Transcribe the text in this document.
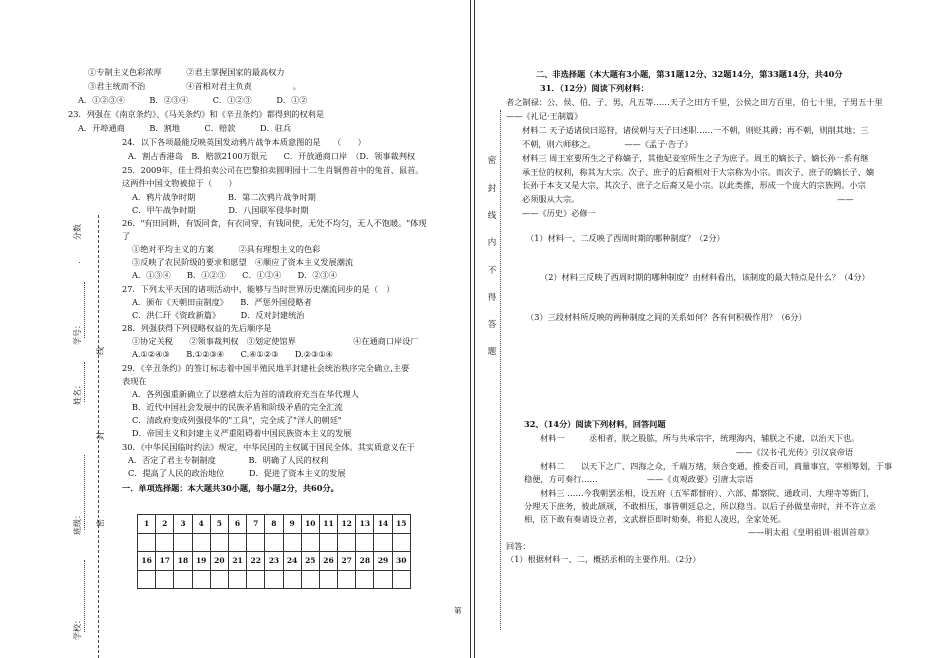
分数
学号：
线
姓名：
封
班级： 密
学校：
①专制主义色彩浓厚　　　②君主掌握国家的最高权力
③君主统而不治　　　　　④首相对君主负责　　　　　。
A．①②③④　　　B．②③④　　　C．①②③　　　D．①②
23．列强在《南京条约》、《马关条约》和《辛丑条约》都得到的权利是
A．开埠通商　　　B．割地　　　C．赔款　　　D．驻兵
24．以下各项最能反映英国发动鸦片战争本质意图的是　　（　　）
A．割占香港岛　B．赔款2100万银元　　C．开放通商口岸　（D．领事裁判权
25．2009年，佳士得拍卖公司在巴黎拍卖圆明园十二生肖铜兽首中的兔首、鼠首。
这两件中国文物被掠于（　　）
A．鸦片战争时期　　　　B．第二次鸦片战争时期
C．甲午战争时期　　　　D．八国联军侵华时期
26．"有田同耕，有饭同食，有衣同穿，有钱同使，无处不均匀，无人不饱暖。"体现
了
①绝对平均主义的方案　　　②具有理想主义的色彩
③反映了农民阶级的要求和愿望　④顺应了资本主义发展潮流
A．①③④　　B．①②③　　C．①②④　　D．②③④
27．下列太平天国的诸项活动中，能够与当时世界历史潮流同步的是（　）
A．颁布《天朝田亩制度》　　B．严惩外国侵略者
C．洪仁玕《资政新篇》　　　D．反对封建统治
28．列强获得下列侵略权益的先后顺序是
①协定关税　　②领事裁判权　③划定使馆界　　　　　　　④在通商口岸设厂
A.①②④③　　B.①②③④　　C.④①②③　　D.②③①④
29．《辛丑条约》的签订标志着中国半殖民地半封建社会统治秩序完全确立,主要
表现在
A．各列强重新确立了以慈禧太后为首的清政府充当在华代理人
B．近代中国社会发展中的民族矛盾和阶级矛盾的完全汇流
C．清政府变成列强侵华的"工具"，完全成了"洋人的朝廷"
D．帝国主义和封建主义严重阻碍着中国民族资本主义的发展
30．《中华民国临时约法》规定，中华民国的主权属于国民全体。其实质意义在于
A．否定了君主专制制度　　　　B．明确了人民的权利
C．提高了人民的政治地位　　　D．促进了资本主义的发展
一．单项选择题：本大题共30小题，每小题2分，共60分。
1	2	3	4	5	6	7	8	9	10	11	12	13	14	15

16	17	18	19	20	21	22	23	24	25	26	27	28	29	30

第
密
封
线
内
不
得
答
题
二、非选择题（本大题有3小题，第31题12分、32题14分，第33题14分，共40分
31．（12分）阅读下列材料：
者之制禄：公、侯、伯、子、男，凡五等……天子之田方千里，公侯之田方百里，伯七十里，子男五十里
——《礼记·王制篇》
材料二 天子适诸侯曰巡狩，诸侯朝与天子曰述职……一不朝，则贬其爵；再不朝，则削其地；三
不朝，则六师移之。　　　　——《孟子·告子》
材料三 周王室要所生之子称嫡子，其他妃妾室所生之子为庶子。周王的嫡长子、嫡长孙一系有继
承王位的权利，称其为大宗。次子、庶子的后裔相对于大宗称为小宗。而次子、庶子的嫡长子、嫡
长孙于本支又是大宗，其次子、庶子之后裔又是小宗。以此类推，形成一个庞大的宗族网。小宗
必须服从大宗。　　　　　　　　　　　　　　　　　　　　　　　　　　　　　　　　——
——《历史》必修一
（1）材料一、二反映了西周时期的哪种制度？（2分）
（2）材料三反映了西周时期的哪种制度？由材料看出，该制度的最大特点是什么？（4分）
（3）三段材料所反映的两种制度之间的关系如何？各有何积极作用？（6分）
32、（14分）阅读下列材料，回答问题
材料一　　　丞相者，朕之股肱，所与共承宗宇，统理海内，辅朕之不逮，以治天下也。
——《汉书·孔光传》引汉哀帝语
材料二　　以天下之广、四海之众，千端万绪，须合变通，推委百司，商量事宜，宰相筹划，于事
稳便，方可奏行……　　　　　　——《贞观政要》引唐太宗语
材料三 ……今我朝罢丞相，设五府（五军都督府）、六部、都察院、通政司、大理寺等衙门，
分理天下庶务，彼此颉颃，不敢相压，事皆朝廷总之，所以稳当。以后子孙做皇帝时，并不许立丞
相，臣下敢有奏请设立者，文武群臣即时劾奏，将犯人凌迟，全家处死。
——明太祖《皇明祖训·祖训首章》
回答：
（1）根据材料一、二，概括丞相的主要作用。（2分）
